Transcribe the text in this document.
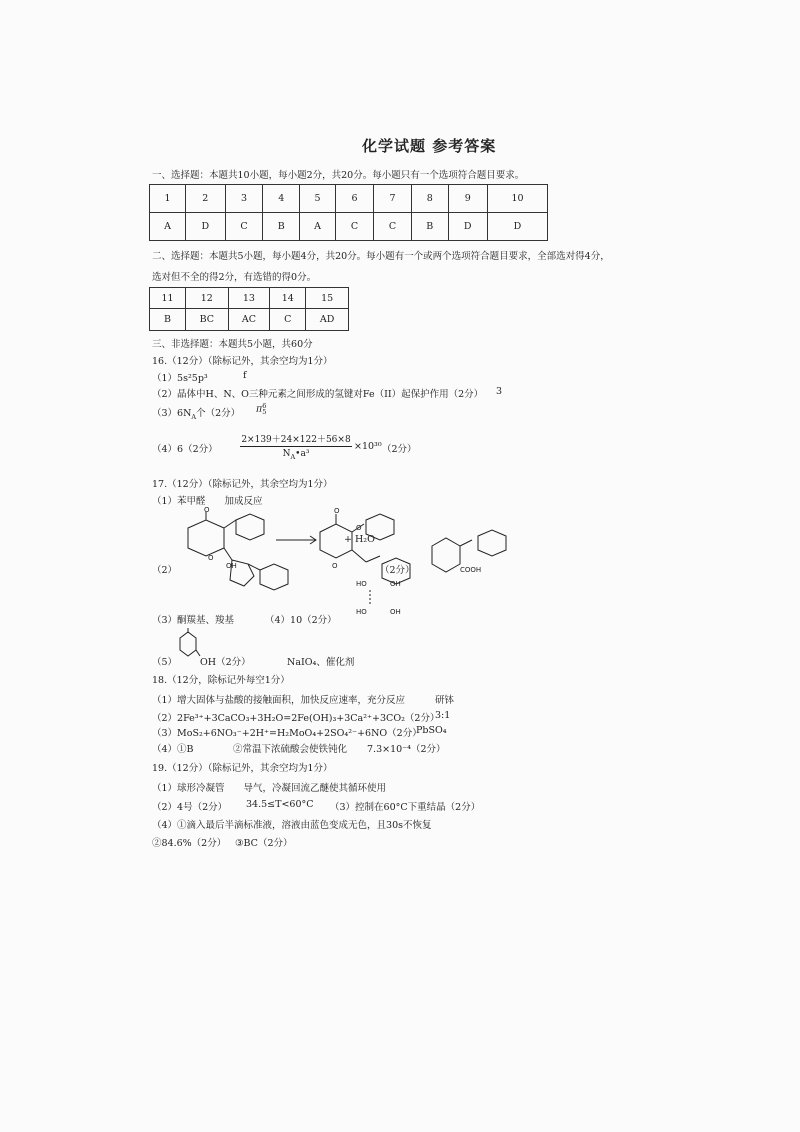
化学试题 参考答案
一、选择题：本题共10小题，每小题2分，共20分。每小题只有一个选项符合题目要求。
1	2	3	4	5	6	7	8	9	10
A	D	C	B	A	C	C	B	D	D
二、选择题：本题共5小题，每小题4分，共20分。每小题有一个或两个选项符合题目要求，全部选对得4分，
选对但不全的得2分，有选错的得0分。
11	12	13	14	15
B	BC	AC	C	AD
三、非选择题：本题共5小题，共60分
16.（12分）（除标记外，其余空均为1分）
（1）5s²5p³	f
（2）晶体中H、N、O三种元素之间形成的氢键对Fe（II）起保护作用（2分） 3
$(3)6N_A$个（2分） π6
5
（4）6（2分）
2×139＋24×122＋56×8
$N_A•a^3$
×10³⁰ （2分）
17.（12分）（除标记外，其余空均为1分）
（1）苯甲醛　　加成反应
（2）
O
O
OH
O
O
O	COOH
HO	OH
HO	OH
+ H₂O
（2分）
（3）酮羰基、羧基	（4）10（2分）
（5） OH（2分）	NaIO₄、催化剂
18.（12分，除标记外每空1分）
（1）增大固体与盐酸的接触面积，加快反应速率，充分反应	研钵
（2）2Fe³⁺+3CaCO₃+3H₂O=2Fe(OH)₃+3Ca²⁺+3CO₂（2分）
3:1
（3）MoS₂+6NO₃⁻+2H⁺=H₂MoO₄+2SO₄²⁻+6NO（2分）
PbSO₄
（4）①B	②常温下浓硫酸会使铁钝化 7.3×10⁻⁴（2分）
19.（12分）（除标记外，其余空均为1分）
（1）球形冷凝管　　导气，冷凝回流乙醚使其循环使用
（2）4号（2分） 34.5≤T<60°C （3）控制在60°C下重结晶（2分）
（4）①滴入最后半滴标准液，溶液由蓝色变成无色，且30s不恢复
②84.6%（2分） ③BC（2分）
